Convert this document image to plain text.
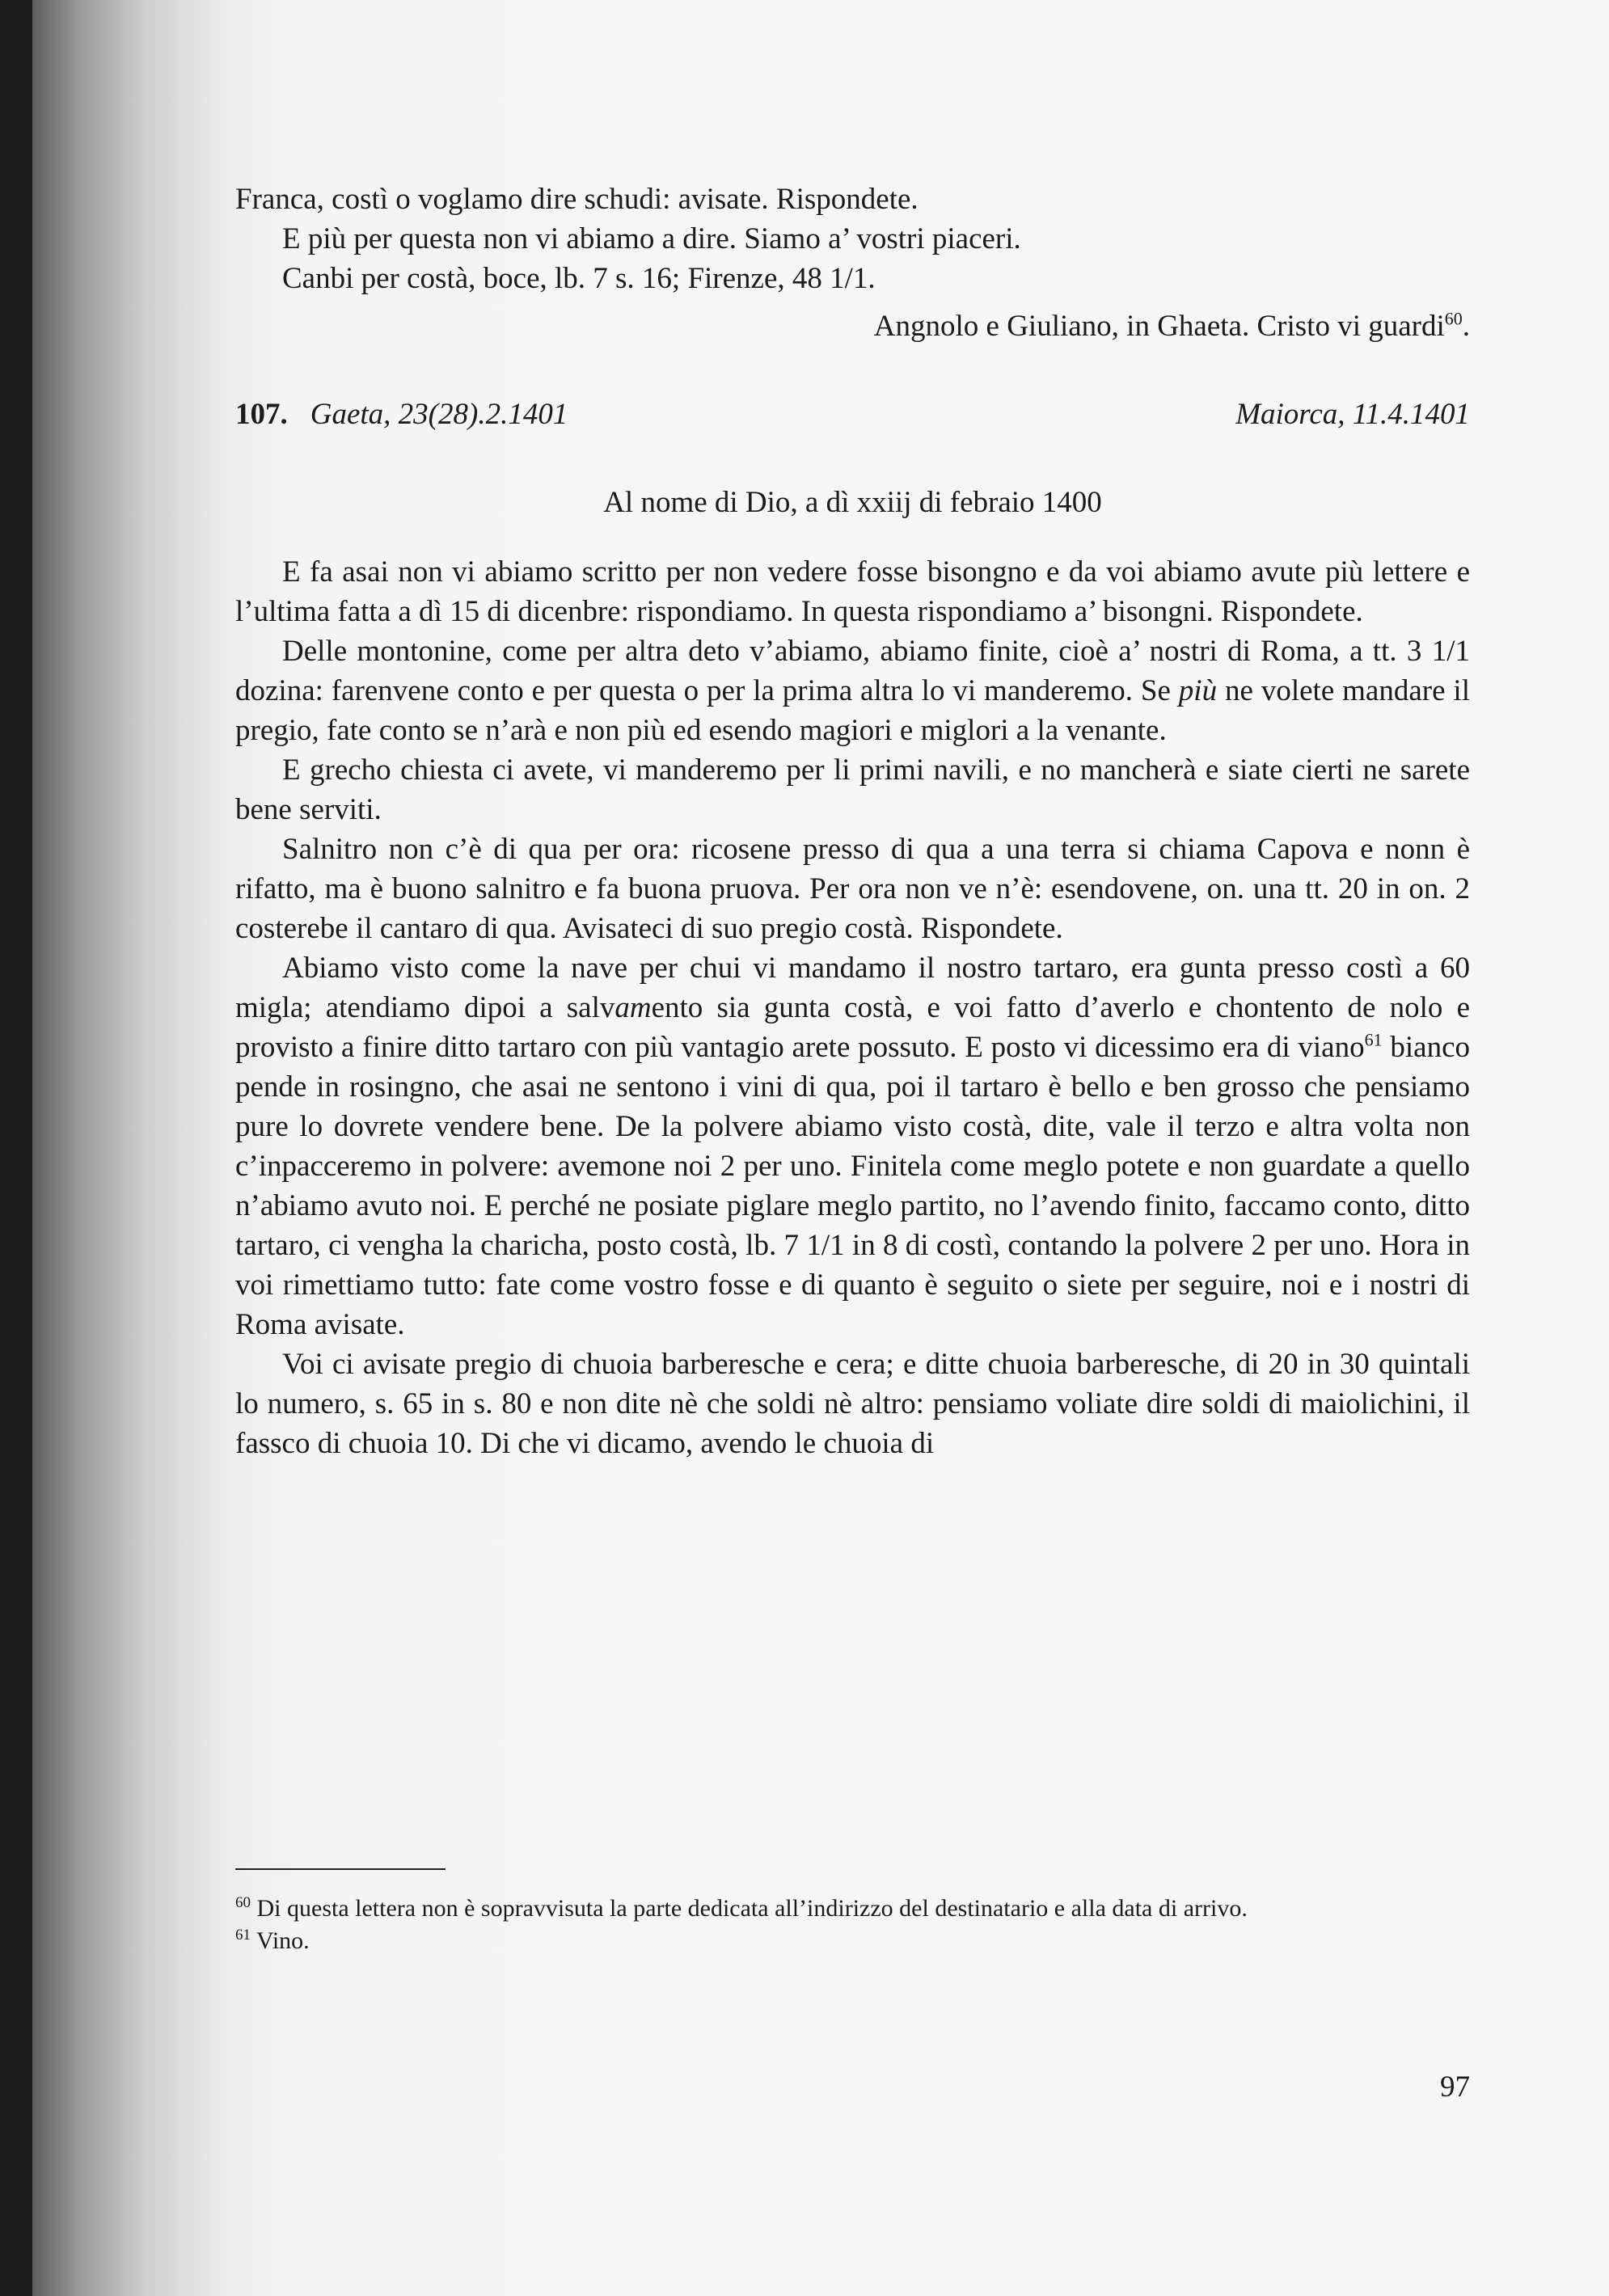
Franca, costì o voglamo dire schudi: avisate. Rispondete.

E più per questa non vi abiamo a dire. Siamo a’ vostri piaceri.

Canbi per costà, boce, lb. 7 s. 16; Firenze, 48 1/1.

Angnolo e Giuliano, in Ghaeta. Cristo vi guardi$^{60}$.

107. Gaeta, 23(28).2.1401	Maiorca, 11.4.1401

Al nome di Dio, a dì xxiij di febraio 1400

E fa asai non vi abiamo scritto per non vedere fosse bisongno e da voi abiamo avute più lettere e l’ultima fatta a dì 15 di dicenbre: rispondiamo. In questa rispondiamo a’ bisongni. Rispondete.

Delle montonine, come per altra deto v’abiamo, abiamo finite, cioè a’ nostri di Roma, a tt. 3 1/1 dozina: farenvene conto e per questa o per la prima altra lo vi manderemo. Se più ne volete mandare il pregio, fate conto se n’arà e non più ed esendo magiori e miglori a la venante.

E grecho chiesta ci avete, vi manderemo per li primi navili, e no mancherà e siate cierti ne sarete bene serviti.

Salnitro non c’è di qua per ora: ricosene presso di qua a una terra si chiama Capova e nonn è rifatto, ma è buono salnitro e fa buona pruova. Per ora non ve n’è: esendovene, on. una tt. 20 in on. 2 costerebe il cantaro di qua. Avisateci di suo pregio costà. Rispondete.

Abiamo visto come la nave per chui vi mandamo il nostro tartaro, era gunta presso costì a 60 migla; atendiamo dipoi a salvamento sia gunta costà, e voi fatto d’averlo e chontento de nolo e provisto a finire ditto tartaro con più vantagio arete possuto. E posto vi dicessimo era di viano$^{61}$ bianco pende in rosingno, che asai ne sentono i vini di qua, poi il tartaro è bello e ben grosso che pensiamo pure lo dovrete vendere bene. De la polvere abiamo visto costà, dite, vale il terzo e altra volta non c’inpacceremo in polvere: avemone noi 2 per uno. Finitela come meglo potete e non guardate a quello n’abiamo avuto noi. E perché ne posiate piglare meglo partito, no l’avendo finito, faccamo conto, ditto tartaro, ci vengha la charicha, posto costà, lb. 7 1/1 in 8 di costì, contando la polvere 2 per uno. Hora in voi rimettiamo tutto: fate come vostro fosse e di quanto è seguito o siete per seguire, noi e i nostri di Roma avisate.

Voi ci avisate pregio di chuoia barberesche e cera; e ditte chuoia barberesche, di 20 in 30 quintali lo numero, s. 65 in s. 80 e non dite nè che soldi nè altro: pensiamo voliate dire soldi di maiolichini, il fassco di chuoia 10. Di che vi dicamo, avendo le chuoia di

$^{60}$ Di questa lettera non è sopravvisuta la parte dedicata all’indirizzo del destinatario e alla data di arrivo.

$^{61}$ Vino.

97
